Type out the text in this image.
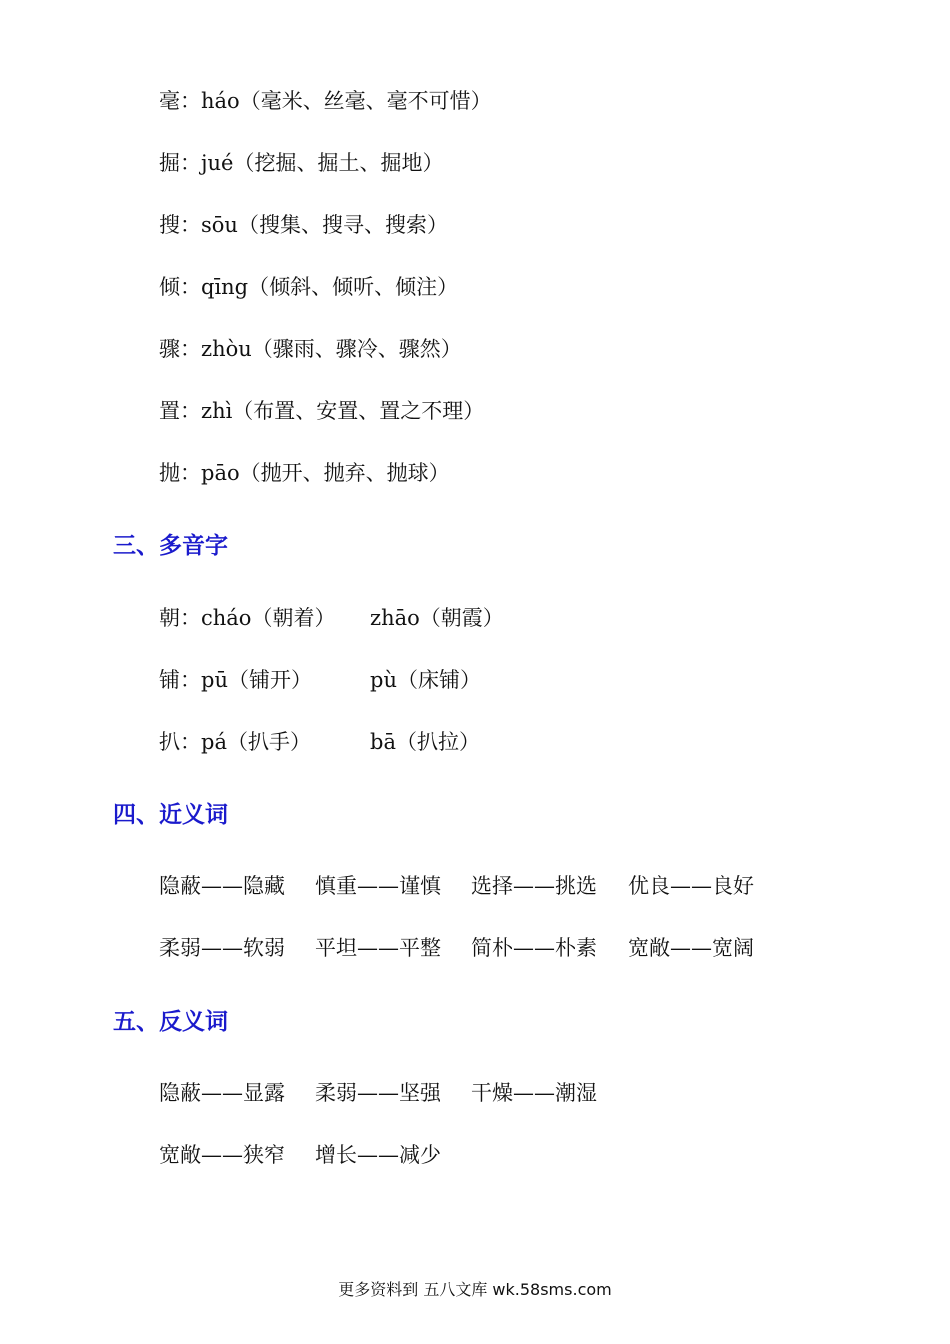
毫：háo（毫米、丝毫、毫不可惜）
掘：jué（挖掘、掘土、掘地）
搜：sōu（搜集、搜寻、搜索）
倾：qīng（倾斜、倾听、倾注）
骤：zhòu（骤雨、骤冷、骤然）
置：zhì（布置、安置、置之不理）
抛：pāo（抛开、抛弃、抛球）
三、多音字
朝：cháo（朝着） zhāo（朝霞）
铺：pū（铺开）	pù（床铺）
扒：pá（扒手）	bā（扒拉）
四、近义词
隐蔽——隐藏 慎重——谨慎 选择——挑选 优良——良好
柔弱——软弱 平坦——平整 简朴——朴素 宽敞——宽阔
五、反义词
隐蔽——显露 柔弱——坚强 干燥——潮湿
宽敞——狭窄 增长——减少
更多资料到 五八文库 wk.58sms.com
